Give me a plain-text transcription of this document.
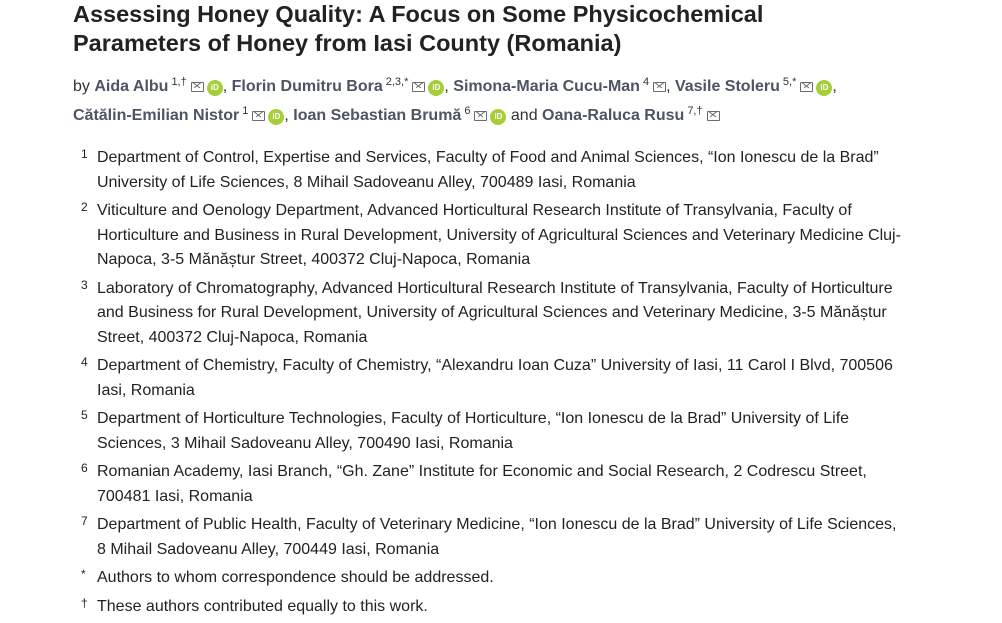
Assessing Honey Quality: A Focus on Some Physicochemical
Parameters of Honey from Iasi County (Romania)
by Aida Albu $^{1,\dagger}$	iD , Florin Dumitru Bora $^{2,3,*}$	iD , Simona-Maria Cucu-Man $^4$ , Vasile Stoleru $^{5,*}$	iD ,
Cătălin-Emilian Nistor $^1$	iD , Ioan Sebastian Brumă $^6$	iD and Oana-Raluca Rusu $^{7,\dagger}$
1 Department of Control, Expertise and Services, Faculty of Food and Animal Sciences, “Ion Ionescu de la Brad”
University of Life Sciences, 8 Mihail Sadoveanu Alley, 700489 Iasi, Romania
2 Viticulture and Oenology Department, Advanced Horticultural Research Institute of Transylvania, Faculty of
Horticulture and Business in Rural Development, University of Agricultural Sciences and Veterinary Medicine Cluj-
Napoca, 3-5 Mănăștur Street, 400372 Cluj-Napoca, Romania
3 Laboratory of Chromatography, Advanced Horticultural Research Institute of Transylvania, Faculty of Horticulture
and Business for Rural Development, University of Agricultural Sciences and Veterinary Medicine, 3-5 Mănăștur
Street, 400372 Cluj-Napoca, Romania
4 Department of Chemistry, Faculty of Chemistry, “Alexandru Ioan Cuza” University of Iasi, 11 Carol I Blvd, 700506
Iasi, Romania
5 Department of Horticulture Technologies, Faculty of Horticulture, “Ion Ionescu de la Brad” University of Life
Sciences, 3 Mihail Sadoveanu Alley, 700490 Iasi, Romania
6 Romanian Academy, Iasi Branch, “Gh. Zane” Institute for Economic and Social Research, 2 Codrescu Street,
700481 Iasi, Romania
7 Department of Public Health, Faculty of Veterinary Medicine, “Ion Ionescu de la Brad” University of Life Sciences,
8 Mihail Sadoveanu Alley, 700449 Iasi, Romania
* Authors to whom correspondence should be addressed.
† These authors contributed equally to this work.
